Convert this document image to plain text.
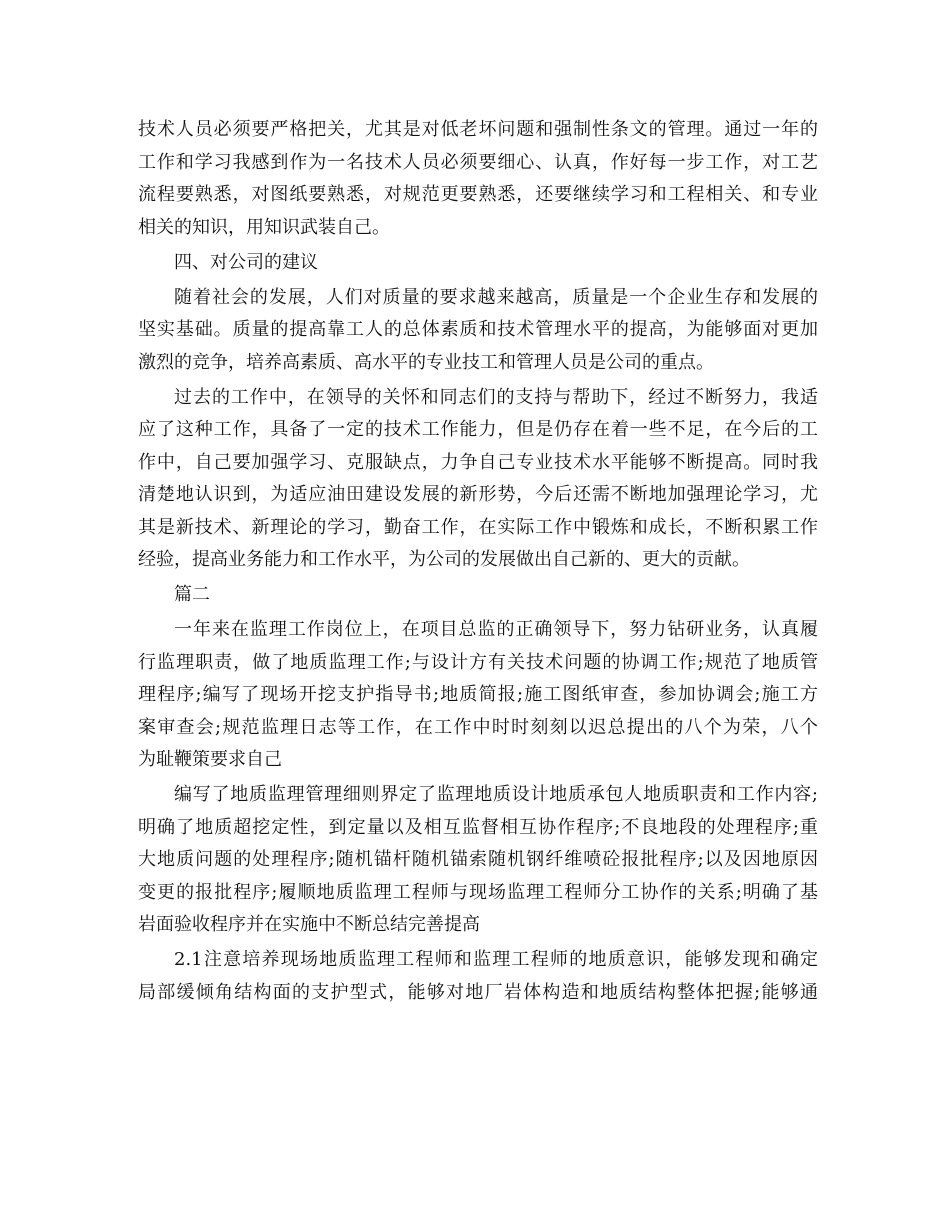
技术人员必须要严格把关，尤其是对低老坏问题和强制性条文的管理。通过一年的
工作和学习我感到作为一名技术人员必须要细心、认真，作好每一步工作，对工艺
流程要熟悉，对图纸要熟悉，对规范更要熟悉，还要继续学习和工程相关、和专业
相关的知识，用知识武装自己。
四、对公司的建议
随着社会的发展，人们对质量的要求越来越高，质量是一个企业生存和发展的
坚实基础。质量的提高靠工人的总体素质和技术管理水平的提高，为能够面对更加
激烈的竞争，培养高素质、高水平的专业技工和管理人员是公司的重点。
过去的工作中，在领导的关怀和同志们的支持与帮助下，经过不断努力，我适
应了这种工作，具备了一定的技术工作能力，但是仍存在着一些不足，在今后的工
作中，自己要加强学习、克服缺点，力争自己专业技术水平能够不断提高。同时我
清楚地认识到，为适应油田建设发展的新形势，今后还需不断地加强理论学习，尤
其是新技术、新理论的学习，勤奋工作，在实际工作中锻炼和成长，不断积累工作
经验，提高业务能力和工作水平，为公司的发展做出自己新的、更大的贡献。
篇二
一年来在监理工作岗位上，在项目总监的正确领导下，努力钻研业务，认真履
行监理职责，做了地质监理工作;与设计方有关技术问题的协调工作;规范了地质管
理程序;编写了现场开挖支护指导书;地质简报;施工图纸审查，参加协调会;施工方
案审查会;规范监理日志等工作，在工作中时时刻刻以迟总提出的八个为荣，八个
为耻鞭策要求自己
编写了地质监理管理细则界定了监理地质设计地质承包人地质职责和工作内容;
明确了地质超挖定性，到定量以及相互监督相互协作程序;不良地段的处理程序;重
大地质问题的处理程序;随机锚杆随机锚索随机钢纤维喷砼报批程序;以及因地原因
变更的报批程序;履顺地质监理工程师与现场监理工程师分工协作的关系;明确了基
岩面验收程序并在实施中不断总结完善提高
2.1注意培养现场地质监理工程师和监理工程师的地质意识，能够发现和确定
局部缓倾角结构面的支护型式，能够对地厂岩体构造和地质结构整体把握;能够通
